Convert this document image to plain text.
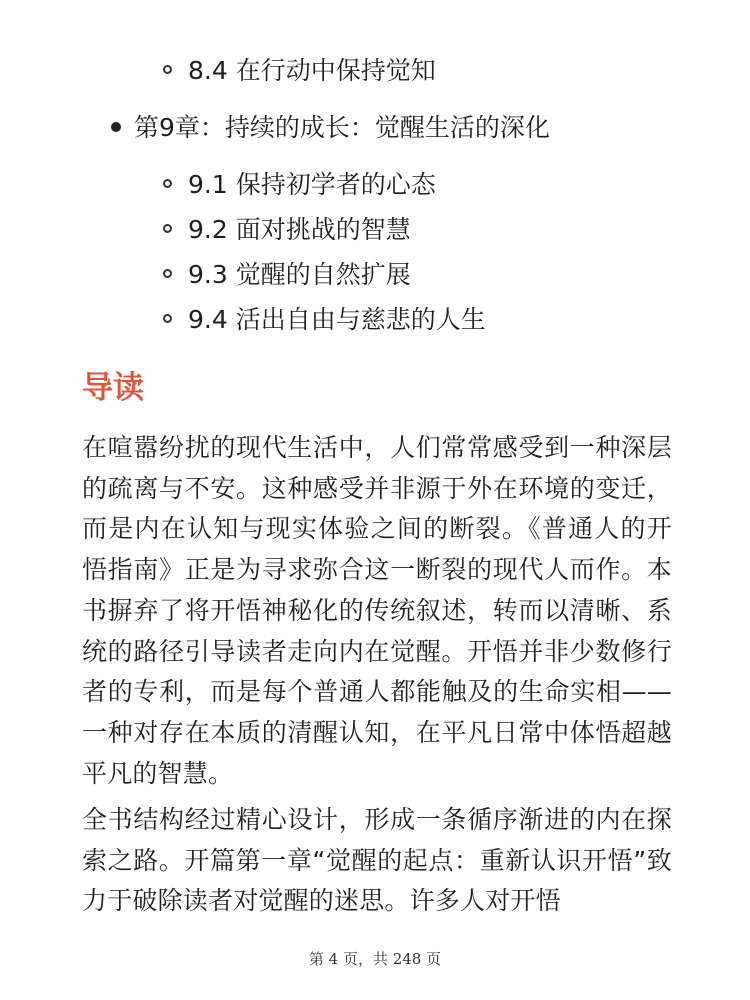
8.4 在行动中保持觉知
第9章：持续的成长：觉醒生活的深化
9.1 保持初学者的心态
9.2 面对挑战的智慧
9.3 觉醒的自然扩展
9.4 活出自由与慈悲的人生
导读

在喧嚣纷扰的现代生活中，人们常常感受到一种深层的疏离与不安。这种感受并非源于外在环境的变迁，而是内在认知与现实体验之间的断裂。《普通人的开悟指南》正是为寻求弥合这一断裂的现代人而作。本书摒弃了将开悟神秘化的传统叙述，转而以清晰、系统的路径引导读者走向内在觉醒。开悟并非少数修行者的专利，而是每个普通人都能触及的生命实相——一种对存在本质的清醒认知，在平凡日常中体悟超越平凡的智慧。

全书结构经过精心设计，形成一条循序渐进的内在探索之路。开篇第一章“觉醒的起点：重新认识开悟”致力于破除读者对觉醒的迷思。许多人对开悟

第 4 页，共 248 页
